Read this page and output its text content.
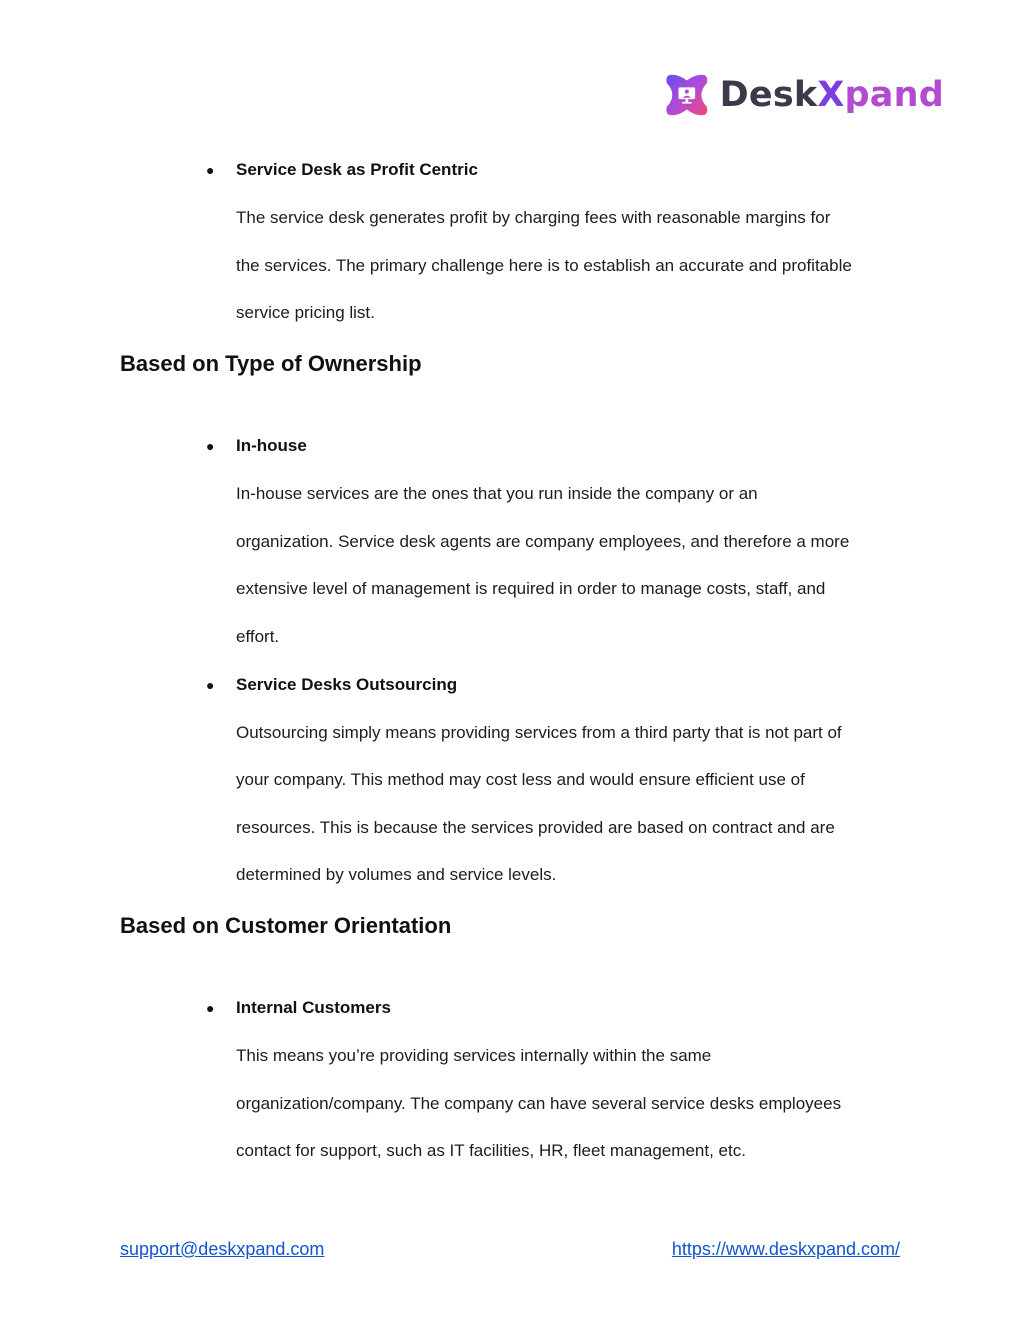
DeskXpand
● Service Desk as Profit Centric
The service desk generates profit by charging fees with reasonable margins for
the services. The primary challenge here is to establish an accurate and profitable
service pricing list.
Based on Type of Ownership
● In-house
In-house services are the ones that you run inside the company or an
organization. Service desk agents are company employees, and therefore a more
extensive level of management is required in order to manage costs, staff, and
effort.
● Service Desks Outsourcing
Outsourcing simply means providing services from a third party that is not part of
your company. This method may cost less and would ensure efficient use of
resources. This is because the services provided are based on contract and are
determined by volumes and service levels.
Based on Customer Orientation
● Internal Customers
This means you’re providing services internally within the same
organization/company. The company can have several service desks employees
contact for support, such as IT facilities, HR, fleet management, etc.
support@deskxpand.com	https://www.deskxpand.com/
